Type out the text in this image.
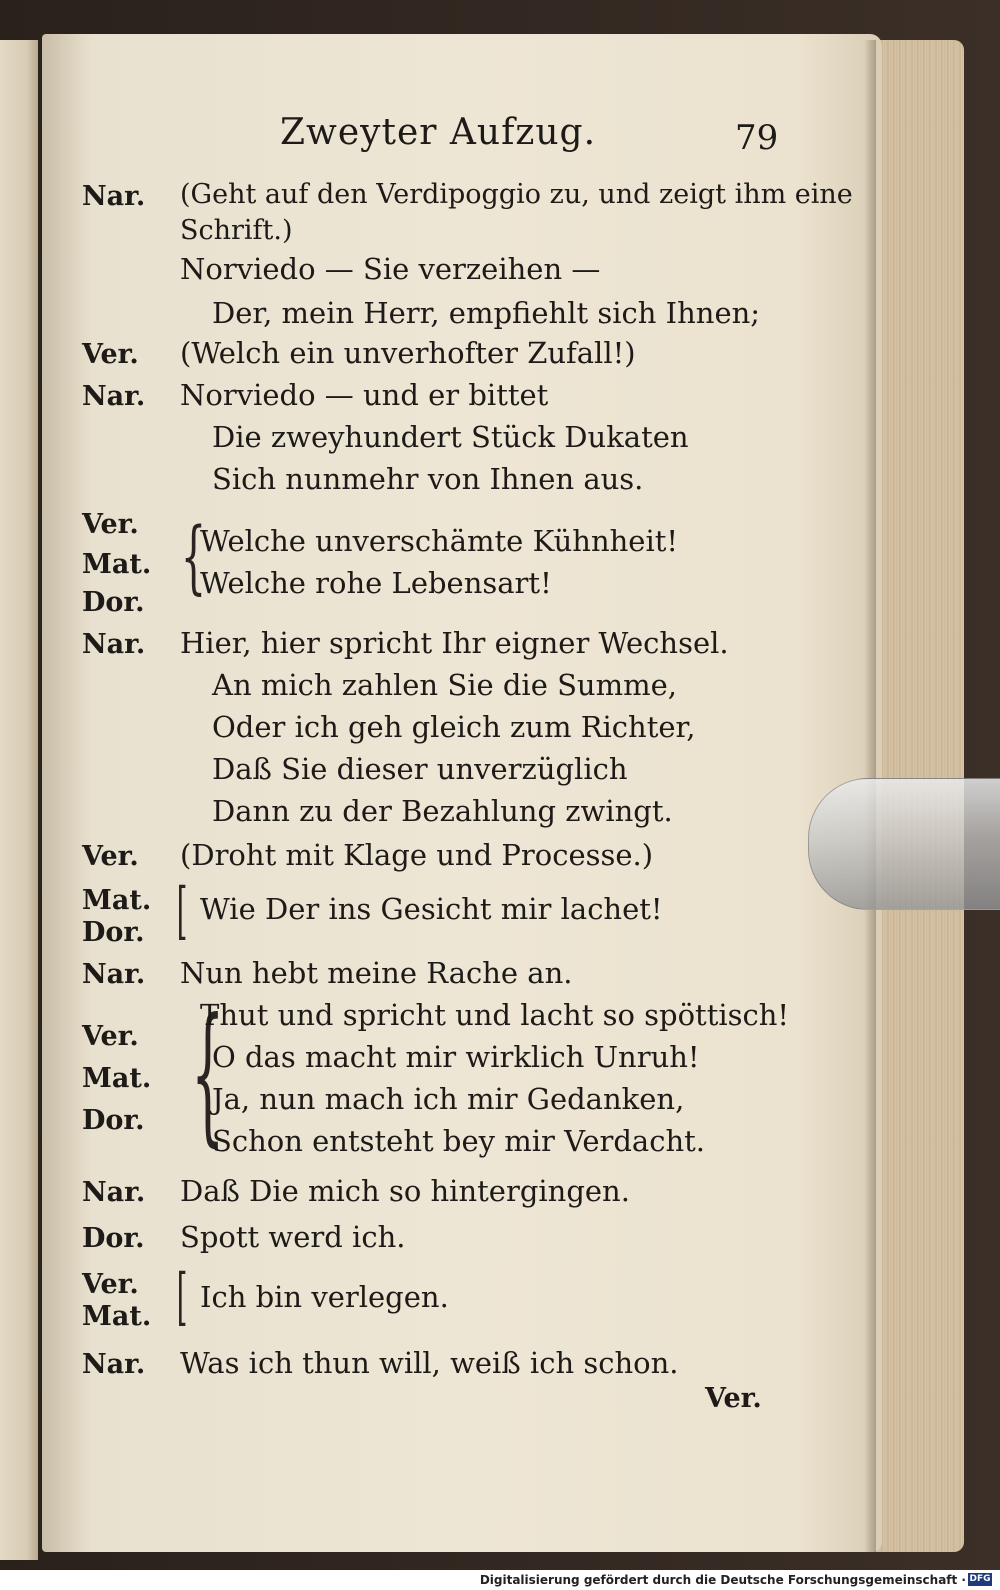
Zweyter Aufzug.	79
Nar. (Geht auf den Verdipoggio zu, und zeigt ihm eine
Schrift.)
Norviedo — Sie verzeihen —
Der, mein Herr, empfiehlt sich Ihnen;
Ver. (Welch ein unverhofter Zufall!)
Nar. Norviedo — und er bittet
Die zweyhundert Stück Dukaten
Sich nunmehr von Ihnen aus.
Ver.
Mat.
Dor. {
Welche unverschämte Kühnheit!
Welche rohe Lebensart!
Nar. Hier, hier spricht Ihr eigner Wechsel.
An mich zahlen Sie die Summe,
Oder ich geh gleich zum Richter,
Daß Sie dieser unverzüglich
Dann zu der Bezahlung zwingt.
Ver. (Droht mit Klage und Processe.)
Mat.
Dor. [ Wie Der ins Gesicht mir lachet!
Nar. Nun hebt meine Rache an.
Ver.
Mat.
Dor. {
Thut und spricht und lacht so spöttisch!
O das macht mir wirklich Unruh!
Ja, nun mach ich mir Gedanken,
Schon entsteht bey mir Verdacht.
Nar. Daß Die mich so hintergingen.
Dor. Spott werd ich.
Ver.
Mat. [ Ich bin verlegen.
Nar. Was ich thun will, weiß ich schon.
Ver.
Digitalisierung gefördert durch die Deutsche Forschungsgemeinschaft · DFG
